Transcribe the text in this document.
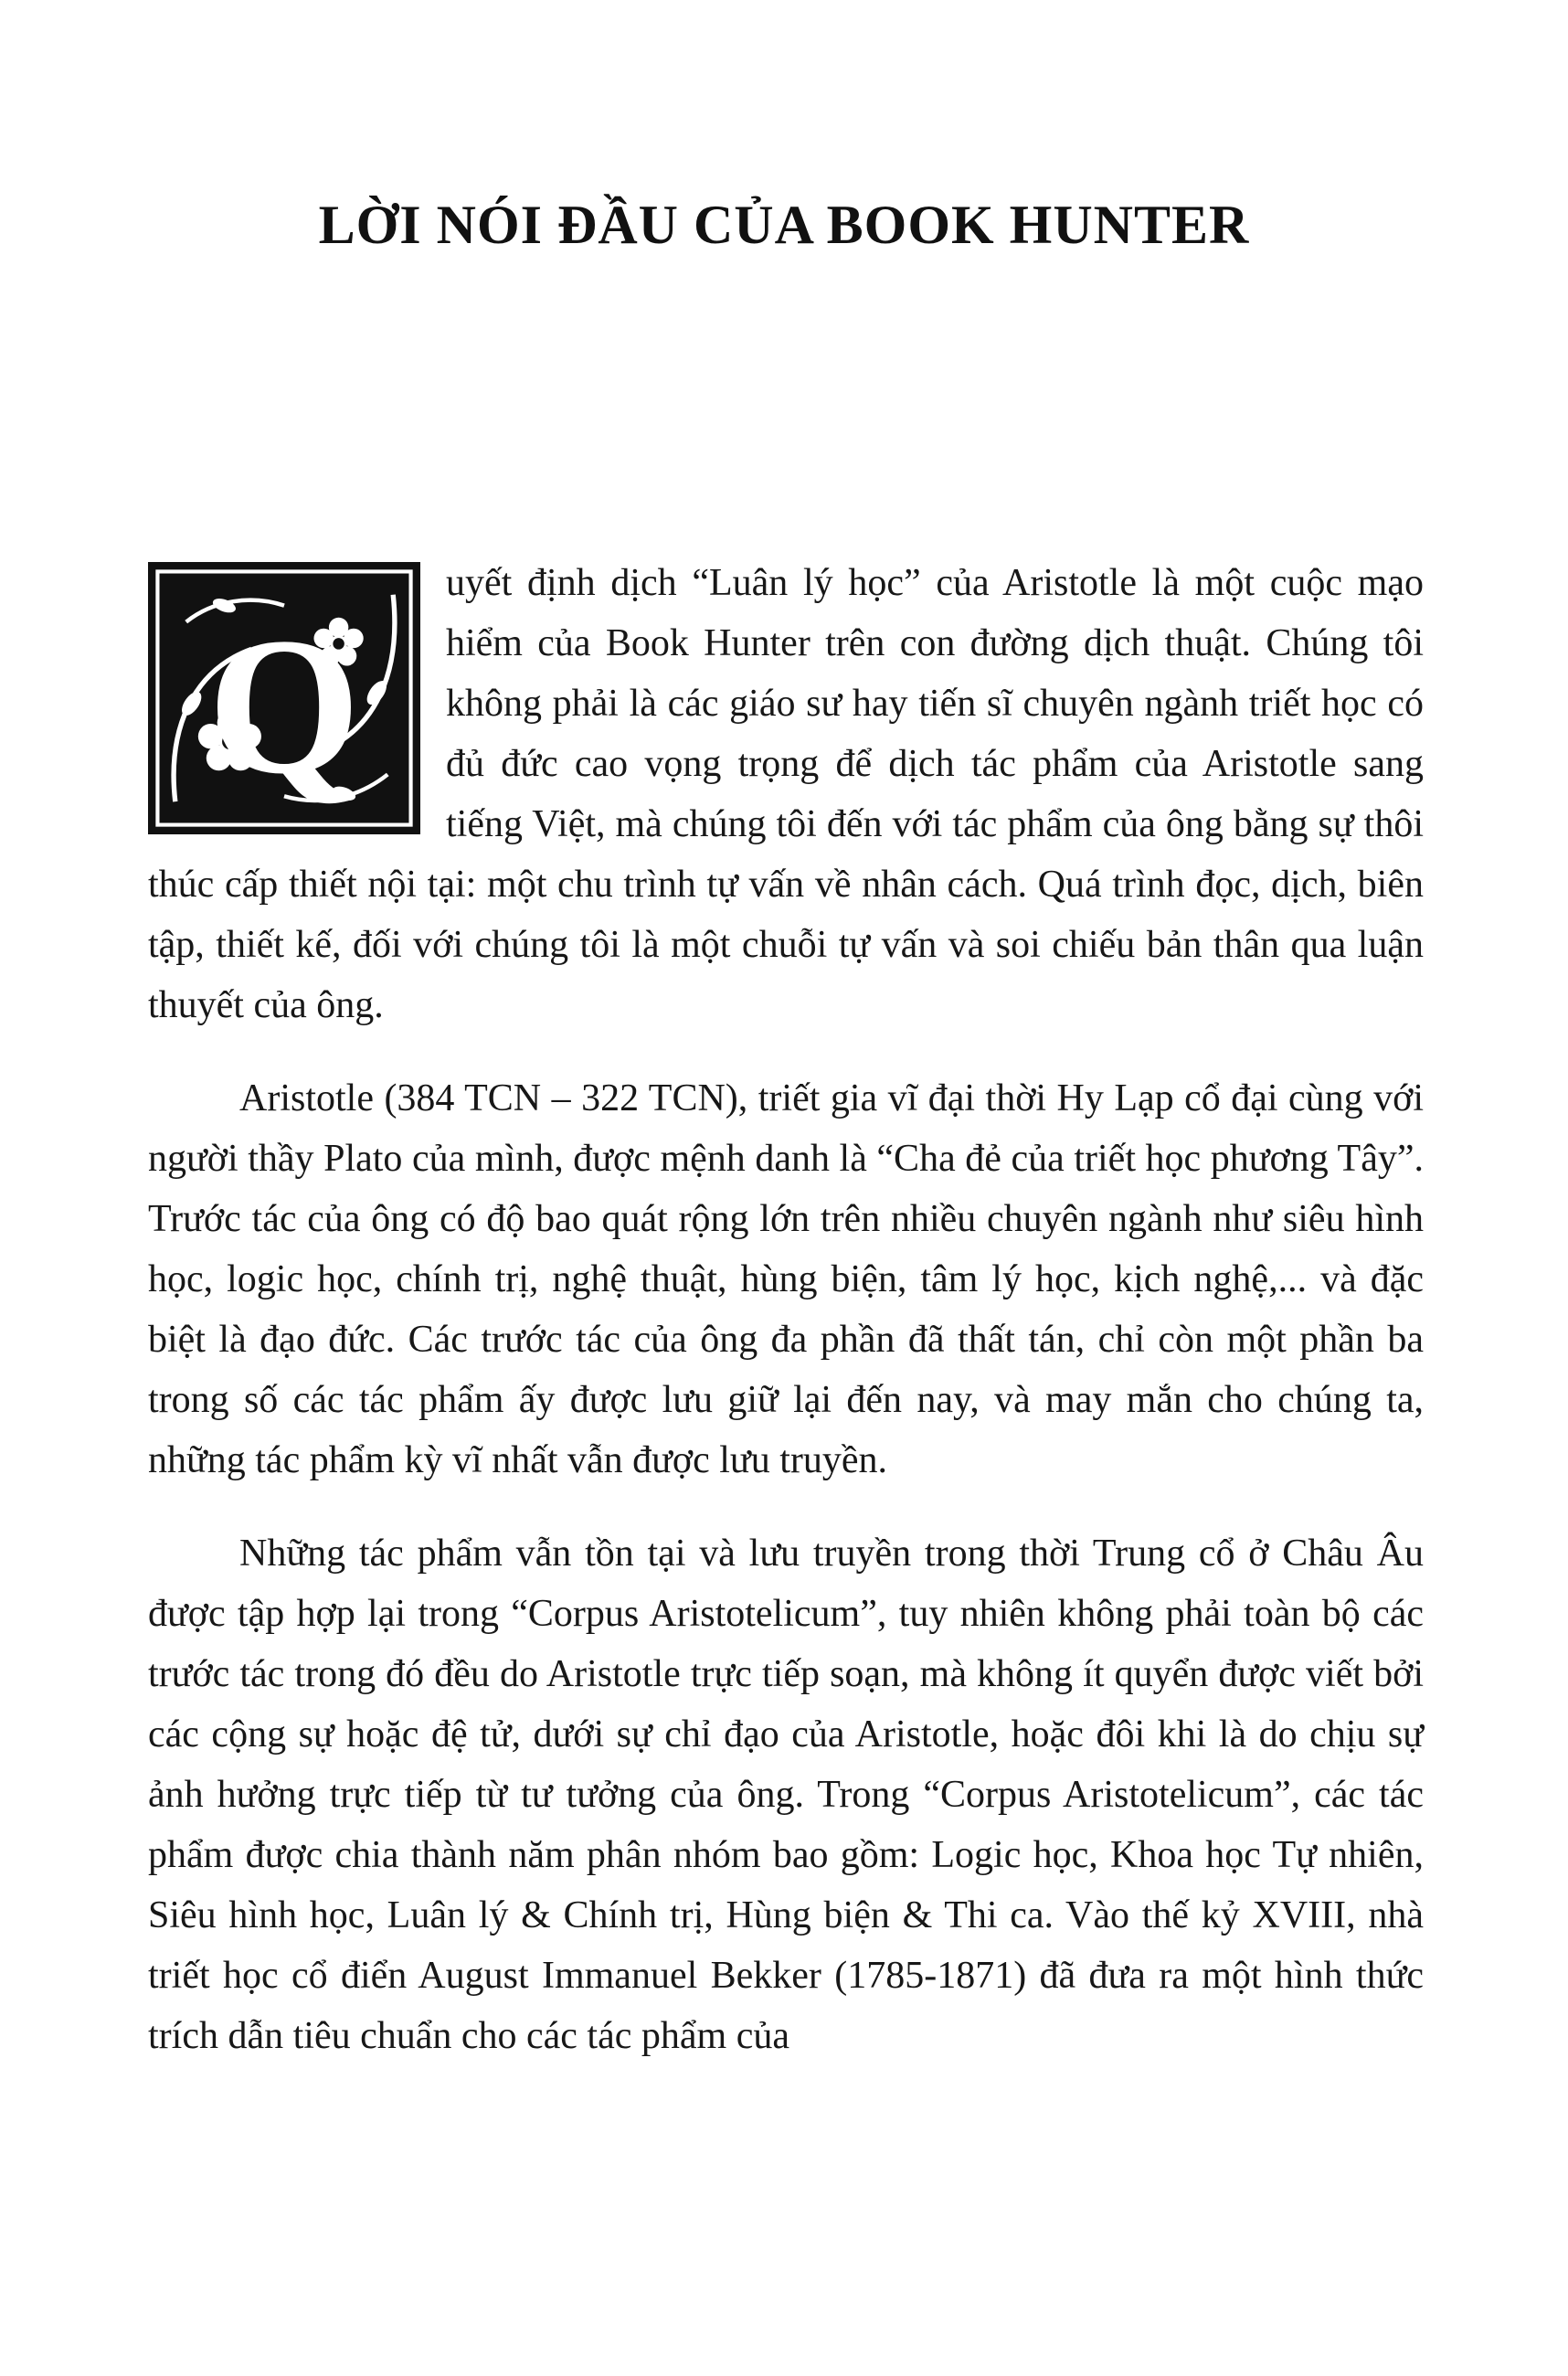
LỜI NÓI ĐẦU CỦA BOOK HUNTER

Q
uyết định dịch “Luân lý học” của Aristotle là một cuộc mạo hiểm của Book Hunter trên con đường dịch thuật. Chúng tôi không phải là các giáo sư hay tiến sĩ chuyên ngành triết học có đủ đức cao vọng trọng để dịch tác phẩm của Aristotle sang tiếng Việt, mà chúng tôi đến với tác phẩm của ông bằng sự thôi thúc cấp thiết nội tại: một chu trình tự vấn về nhân cách. Quá trình đọc, dịch, biên tập, thiết kế, đối với chúng tôi là một chuỗi tự vấn và soi chiếu bản thân qua luận thuyết của ông.

Aristotle (384 TCN – 322 TCN), triết gia vĩ đại thời Hy Lạp cổ đại cùng với người thầy Plato của mình, được mệnh danh là “Cha đẻ của triết học phương Tây”. Trước tác của ông có độ bao quát rộng lớn trên nhiều chuyên ngành như siêu hình học, logic học, chính trị, nghệ thuật, hùng biện, tâm lý học, kịch nghệ,... và đặc biệt là đạo đức. Các trước tác của ông đa phần đã thất tán, chỉ còn một phần ba trong số các tác phẩm ấy được lưu giữ lại đến nay, và may mắn cho chúng ta, những tác phẩm kỳ vĩ nhất vẫn được lưu truyền.

Những tác phẩm vẫn tồn tại và lưu truyền trong thời Trung cổ ở Châu Âu được tập hợp lại trong “Corpus Aristotelicum”, tuy nhiên không phải toàn bộ các trước tác trong đó đều do Aristotle trực tiếp soạn, mà không ít quyển được viết bởi các cộng sự hoặc đệ tử, dưới sự chỉ đạo của Aristotle, hoặc đôi khi là do chịu sự ảnh hưởng trực tiếp từ tư tưởng của ông. Trong “Corpus Aristotelicum”, các tác phẩm được chia thành năm phân nhóm bao gồm: Logic học, Khoa học Tự nhiên, Siêu hình học, Luân lý & Chính trị, Hùng biện & Thi ca. Vào thế kỷ XVIII, nhà triết học cổ điển August Immanuel Bekker (1785-1871) đã đưa ra một hình thức trích dẫn tiêu chuẩn cho các tác phẩm của
